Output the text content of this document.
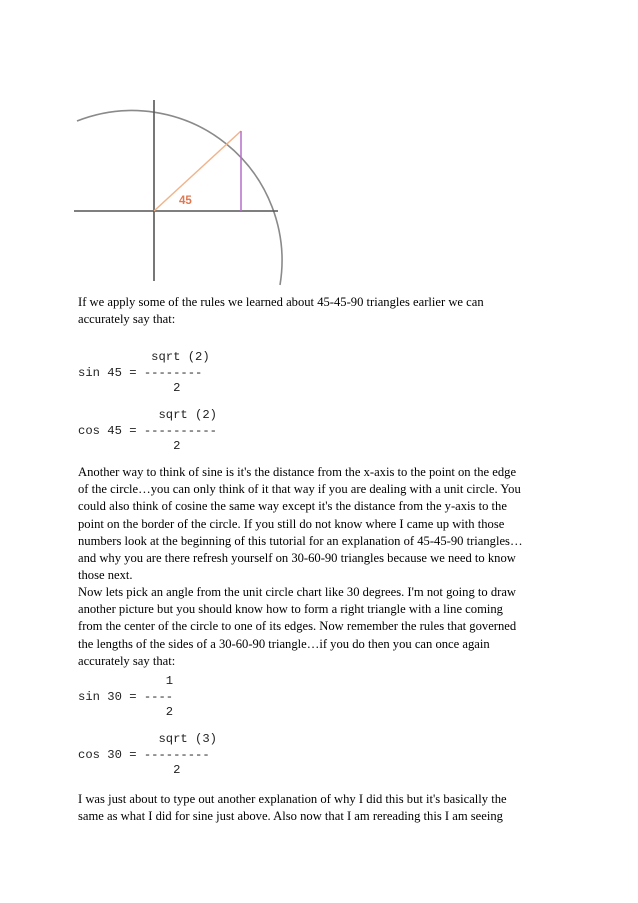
45

If we apply some of the rules we learned about 45-45-90 triangles earlier we can accurately say that:

sqrt (2)
sin 45 = --------
2
sqrt (2)
cos 45 = ----------
2

Another way to think of sine is it's the distance from the x-axis to the point on the edge of the circle…you can only think of it that way if you are dealing with a unit circle. You could also think of cosine the same way except it's the distance from the y-axis to the point on the border of the circle. If you still do not know where I came up with those numbers look at the beginning of this tutorial for an explanation of 45-45-90 triangles…and why you are there refresh yourself on 30-60-90 triangles because we need to know those next.

Now lets pick an angle from the unit circle chart like 30 degrees. I'm not going to draw another picture but you should know how to form a right triangle with a line coming from the center of the circle to one of its edges. Now remember the rules that governed the lengths of the sides of a 30-60-90 triangle…if you do then you can once again accurately say that:

1
sin 30 = ----
2
sqrt (3)
cos 30 = ---------
2

I was just about to type out another explanation of why I did this but it's basically the same as what I did for sine just above. Also now that I am rereading this I am seeing
